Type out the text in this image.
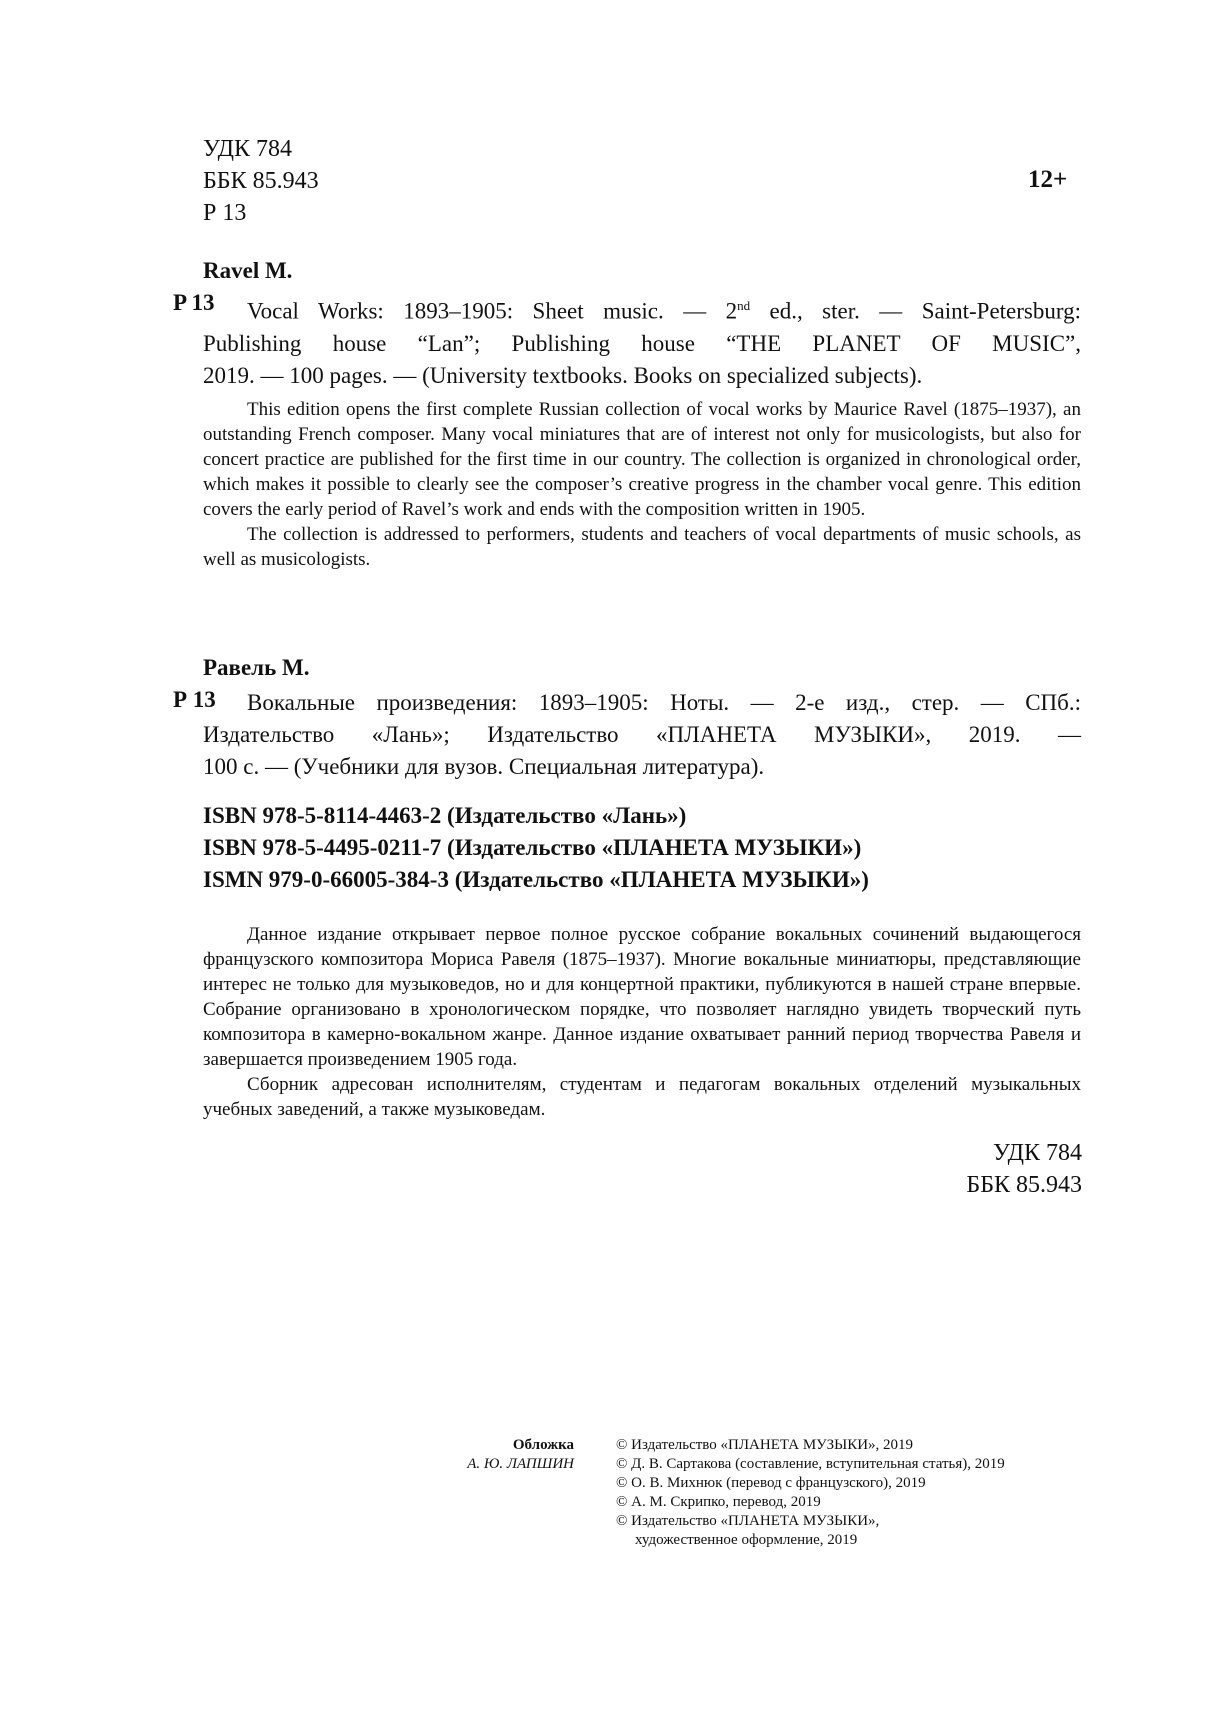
УДК 784
ББК 85.943
Р 13
12+
Ravel M.
P 13	Vocal Works: 1893–1905: Sheet music. — 2nd ed., ster. — Saint-Petersburg:
Publishing house “Lan”; Publishing house “THE PLANET OF MUSIC”,
2019. — 100 pages. — (University textbooks. Books on specialized subjects).

This edition opens the first complete Russian collection of vocal works by Maurice Ravel (1875–1937), an outstanding French composer. Many vocal miniatures that are of interest not only for musicologists, but also for concert practice are published for the first time in our country. The collection is organized in chronological order, which makes it possible to clearly see the composer’s creative progress in the chamber vocal genre. This edition covers the early period of Ravel’s work and ends with the composition written in 1905.

The collection is addressed to performers, students and teachers of vocal departments of music schools, as well as musicologists.

Равель М.
Р 13	Вокальные произведения: 1893–1905: Ноты. — 2-е изд., стер. — СПб.:
Издательство «Лань»; Издательство «ПЛАНЕТА МУЗЫКИ», 2019. —
100 с. — (Учебники для вузов. Специальная литература).
ISBN 978-5-8114-4463-2 (Издательство «Лань»)
ISBN 978-5-4495-0211-7 (Издательство «ПЛАНЕТА МУЗЫКИ»)
ISMN 979-0-66005-384-3 (Издательство «ПЛАНЕТА МУЗЫКИ»)

Данное издание открывает первое полное русское собрание вокальных сочинений выдающегося французского композитора Мориса Равеля (1875–1937). Многие вокальные миниатюры, представляющие интерес не только для музыковедов, но и для концертной практики, публикуются в нашей стране впервые. Собрание организовано в хронологическом порядке, что позволяет наглядно увидеть творческий путь композитора в камерно-вокальном жанре. Данное издание охватывает ранний период творчества Равеля и завершается произведением 1905 года.

Сборник адресован исполнителям, студентам и педагогам вокальных отделений музыкальных учебных заведений, а также музыковедам.

УДК 784
ББК 85.943
Обложка
А. Ю. ЛАПШИН
© Издательство «ПЛАНЕТА МУЗЫКИ», 2019
© Д. В. Сартакова (составление, вступительная статья), 2019
© О. В. Михнюк (перевод с французского), 2019
© А. М. Скрипко, перевод, 2019
© Издательство «ПЛАНЕТА МУЗЫКИ»,
художественное оформление, 2019
